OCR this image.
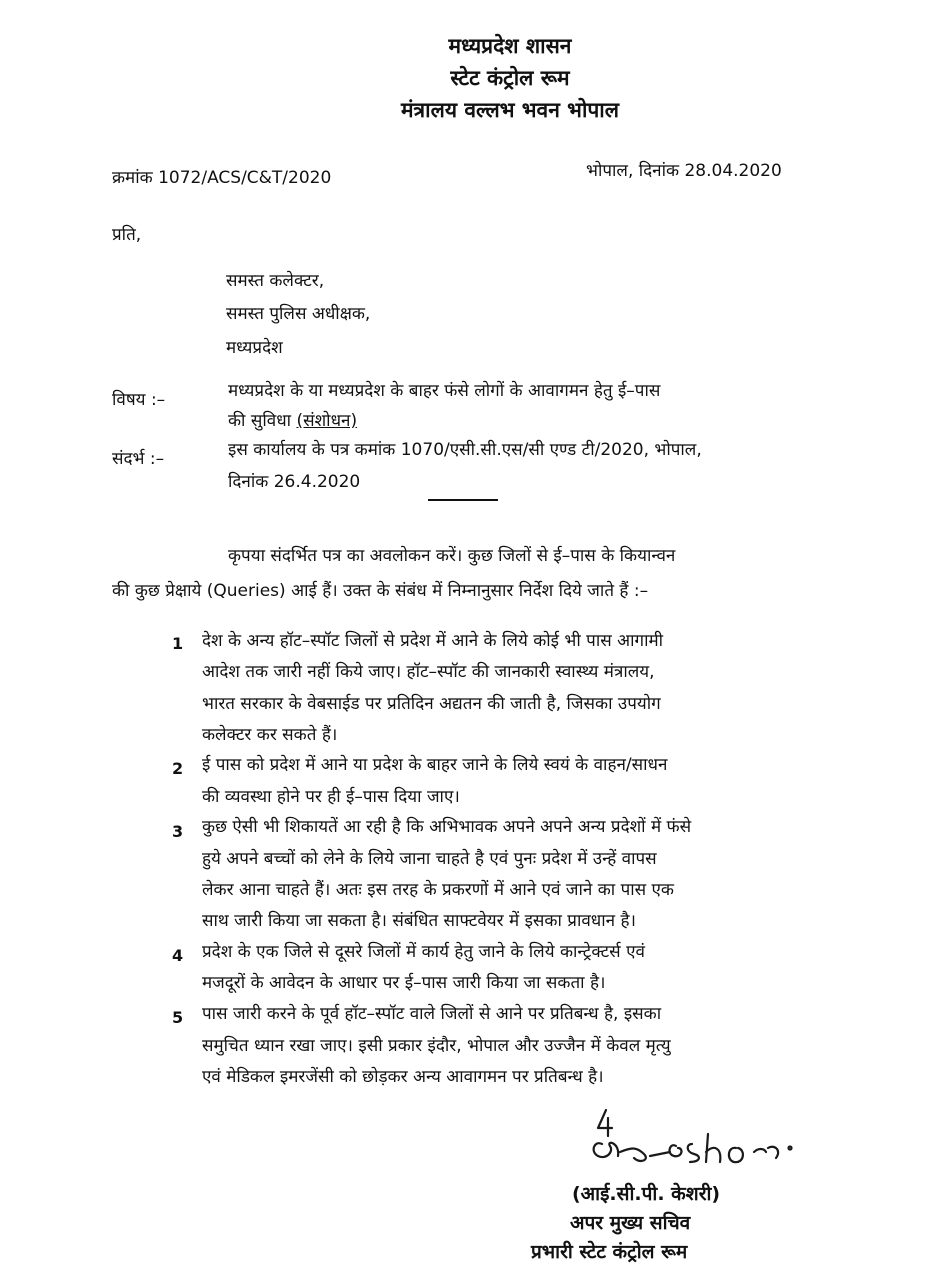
मध्यप्रदेश शासन
स्टेट कंट्रोल रूम
मंत्रालय वल्लभ भवन भोपाल
क्रमांक 1072/ACS/C&T/2020	भोपाल, दिनांक 28.04.2020
प्रति,
समस्त कलेक्टर,
समस्त पुलिस अधीक्षक,
मध्यप्रदेश
विषय :–	मध्यप्रदेश के या मध्यप्रदेश के बाहर फंसे लोगों के आवागमन हेतु ई–पास
की सुविधा (संशोधन)
संदर्भ :–	इस कार्यालय के पत्र कमांक 1070/एसी.सी.एस/सी एण्ड टी/2020, भोपाल,
दिनांक 26.4.2020
कृपया संदर्भित पत्र का अवलोकन करें। कुछ जिलों से ई–पास के कियान्वन
की कुछ प्रेक्षाये (Queries) आई हैं। उक्त के संबंध में निम्नानुसार निर्देश दिये जाते हैं :–
1 देश के अन्य हॉट–स्पॉट जिलों से प्रदेश में आने के लिये कोई भी पास आगामी
आदेश तक जारी नहीं किये जाए। हॉट–स्पॉट की जानकारी स्वास्थ्य मंत्रालय,
भारत सरकार के वेबसाईड पर प्रतिदिन अद्यतन की जाती है, जिसका उपयोग
कलेक्टर कर सकते हैं।
2 ई पास को प्रदेश में आने या प्रदेश के बाहर जाने के लिये स्वयं के वाहन/साधन
की व्यवस्था होने पर ही ई–पास दिया जाए।
3 कुछ ऐसी भी शिकायतें आ रही है कि अभिभावक अपने अपने अन्य प्रदेशों में फंसे
हुये अपने बच्चों को लेने के लिये जाना चाहते है एवं पुनः प्रदेश में उन्हें वापस
लेकर आना चाहते हैं। अतः इस तरह के प्रकरणों में आने एवं जाने का पास एक
साथ जारी किया जा सकता है। संबंधित साफ्टवेयर में इसका प्रावधान है।
4 प्रदेश के एक जिले से दूसरे जिलों में कार्य हेतु जाने के लिये कान्ट्रेक्टर्स एवं
मजदूरों के आवेदन के आधार पर ई–पास जारी किया जा सकता है।
5 पास जारी करने के पूर्व हॉट–स्पॉट वाले जिलों से आने पर प्रतिबन्ध है, इसका
समुचित ध्यान रखा जाए। इसी प्रकार इंदौर, भोपाल और उज्जैन में केवल मृत्यु
एवं मेडिकल इमरजेंसी को छोड़कर अन्य आवागमन पर प्रतिबन्ध है।
(आई.सी.पी. केशरी)
अपर मुख्य सचिव
प्रभारी स्टेट कंट्रोल रूम
